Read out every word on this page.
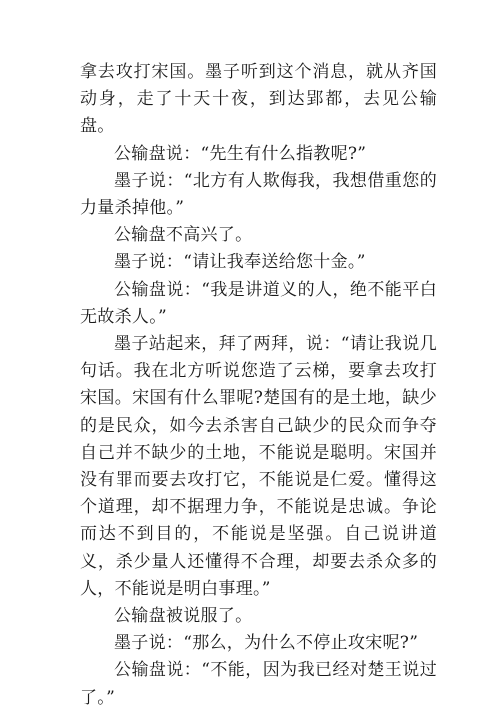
拿去攻打宋国。墨子听到这个消息，就从齐国动身，走了十天十夜，到达郢都，去见公输盘。

公输盘说：“先生有什么指教呢?”

墨子说：“北方有人欺侮我，我想借重您的力量杀掉他。”

公输盘不高兴了。

墨子说：“请让我奉送给您十金。”

公输盘说：“我是讲道义的人，绝不能平白无故杀人。”

墨子站起来，拜了两拜，说：“请让我说几句话。我在北方听说您造了云梯，要拿去攻打宋国。宋国有什么罪呢?楚国有的是土地，缺少的是民众，如今去杀害自己缺少的民众而争夺自己并不缺少的土地，不能说是聪明。宋国并没有罪而要去攻打它，不能说是仁爱。懂得这个道理，却不据理力争，不能说是忠诚。争论而达不到目的，不能说是坚强。自己说讲道义，杀少量人还懂得不合理，却要去杀众多的人，不能说是明白事理。”

公输盘被说服了。

墨子说：“那么，为什么不停止攻宋呢?”

公输盘说：“不能，因为我已经对楚王说过了。”
